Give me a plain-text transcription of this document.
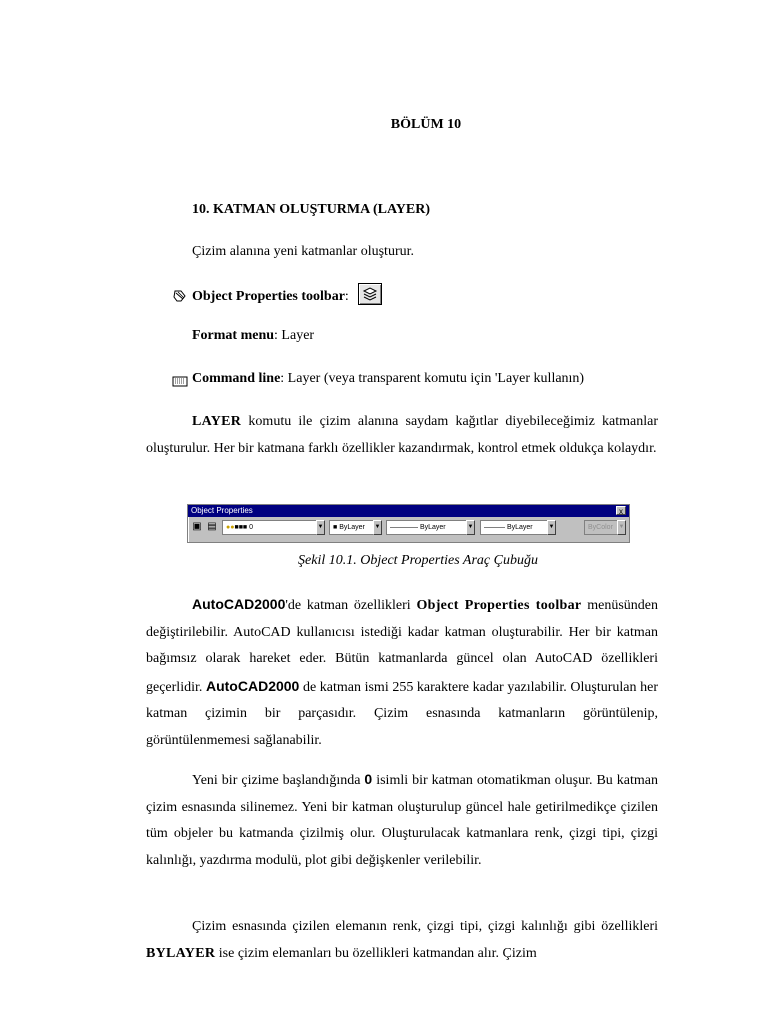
BÖLÜM 10
10. KATMAN OLUŞTURMA (LAYER)
Çizim alanına yeni katmanlar oluşturur.
Object Properties toolbar:
Format menu: Layer
Command line: Layer (veya transparent komutu için 'Layer kullanın)
LAYER komutu ile çizim alanına saydam kağıtlar diyebileceğimiz katmanlar oluşturulur. Her bir katmana farklı özellikler kazandırmak, kontrol etmek oldukça kolaydır.
Object Properties	x
▣ ▤	●●■■■ 0	▼	■ ByLayer	▼	———— ByLayer	▼	——— ByLayer	▼	ByColor ▼
Şekil 10.1. Object Properties Araç Çubuğu
AutoCAD2000'de katman özellikleri Object Properties toolbar menüsünden değiştirilebilir. AutoCAD kullanıcısı istediği kadar katman oluşturabilir. Her bir katman bağımsız olarak hareket eder. Bütün katmanlarda güncel olan AutoCAD özellikleri geçerlidir. AutoCAD2000 de katman ismi 255 karaktere kadar yazılabilir. Oluşturulan her katman çizimin bir parçasıdır. Çizim esnasında katmanların görüntülenip, görüntülenmemesi sağlanabilir.
Yeni bir çizime başlandığında 0 isimli bir katman otomatikman oluşur. Bu katman çizim esnasında silinemez. Yeni bir katman oluşturulup güncel hale getirilmedikçe çizilen tüm objeler bu katmanda çizilmiş olur. Oluşturulacak katmanlara renk, çizgi tipi, çizgi kalınlığı, yazdırma modulü, plot gibi değişkenler verilebilir.
Çizim esnasında çizilen elemanın renk, çizgi tipi, çizgi kalınlığı gibi özellikleri BYLAYER ise çizim elemanları bu özellikleri katmandan alır. Çizim
